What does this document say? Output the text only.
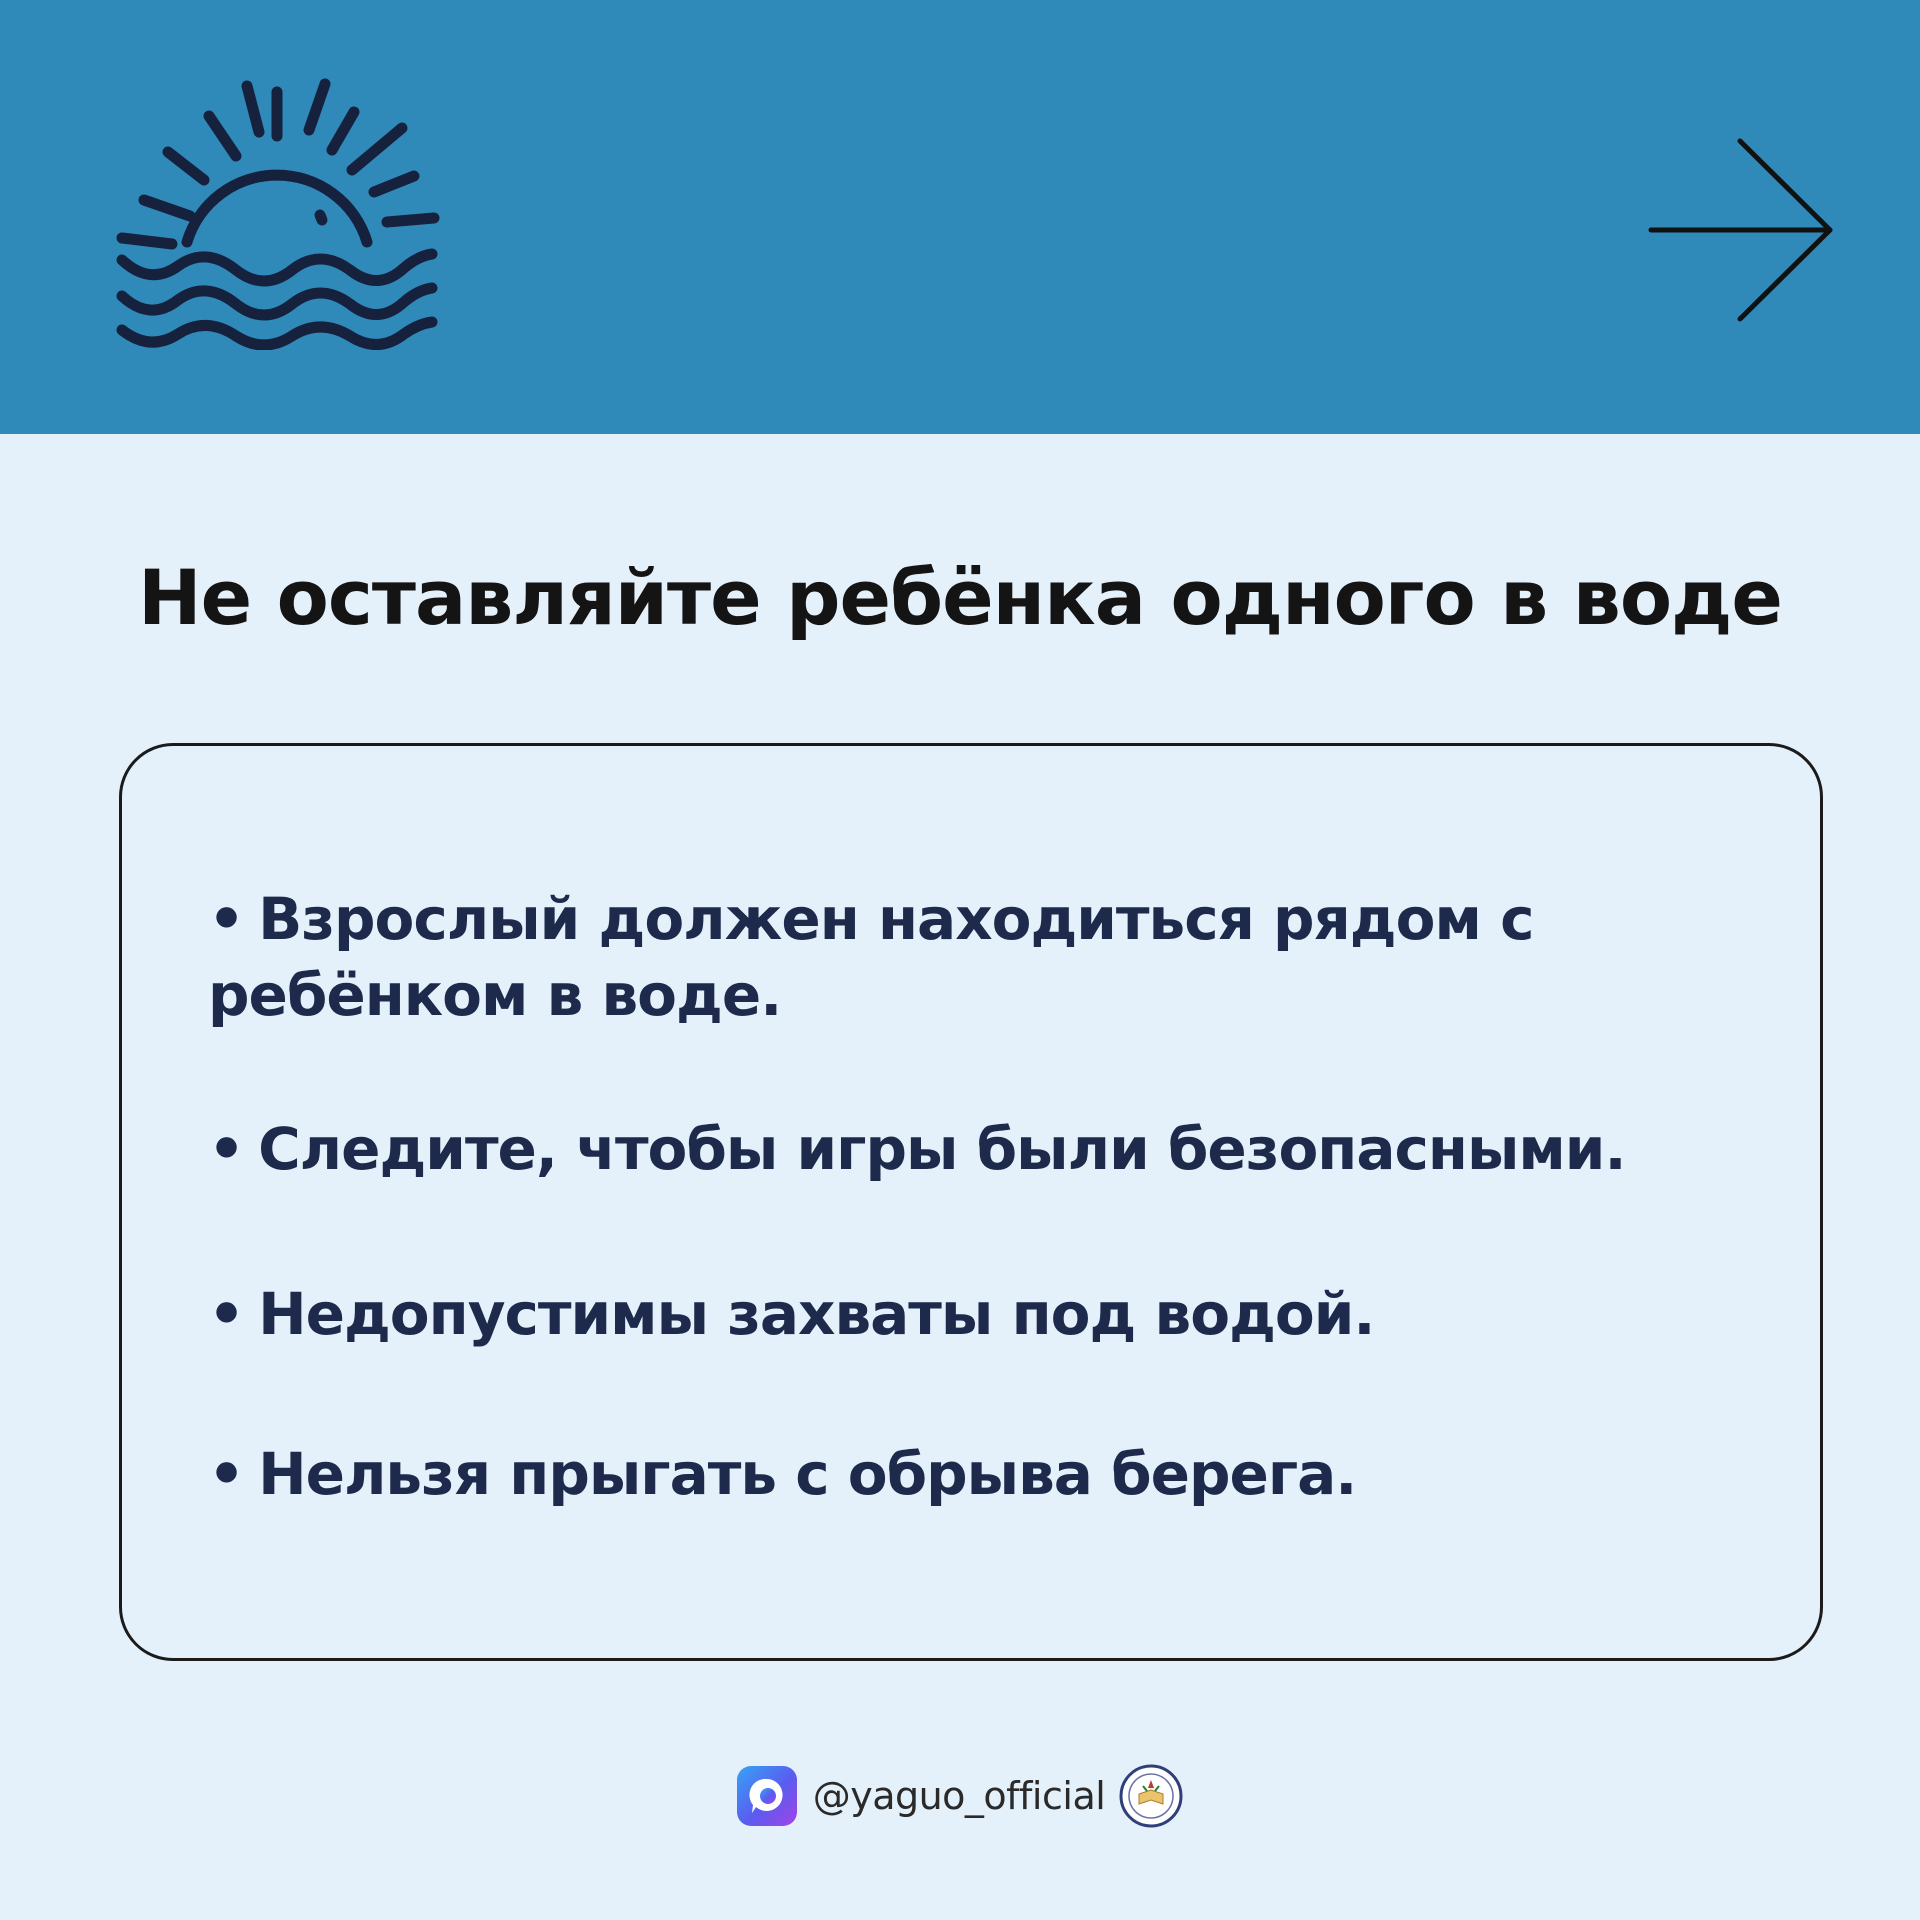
Не оставляйте ребёнка одного в воде
• Взрослый должен находиться рядом с ребёнком в воде.
• Следите, чтобы игры были безопасными.
• Недопустимы захваты под водой.
• Нельзя прыгать с обрыва берега.
@yaguo_official
